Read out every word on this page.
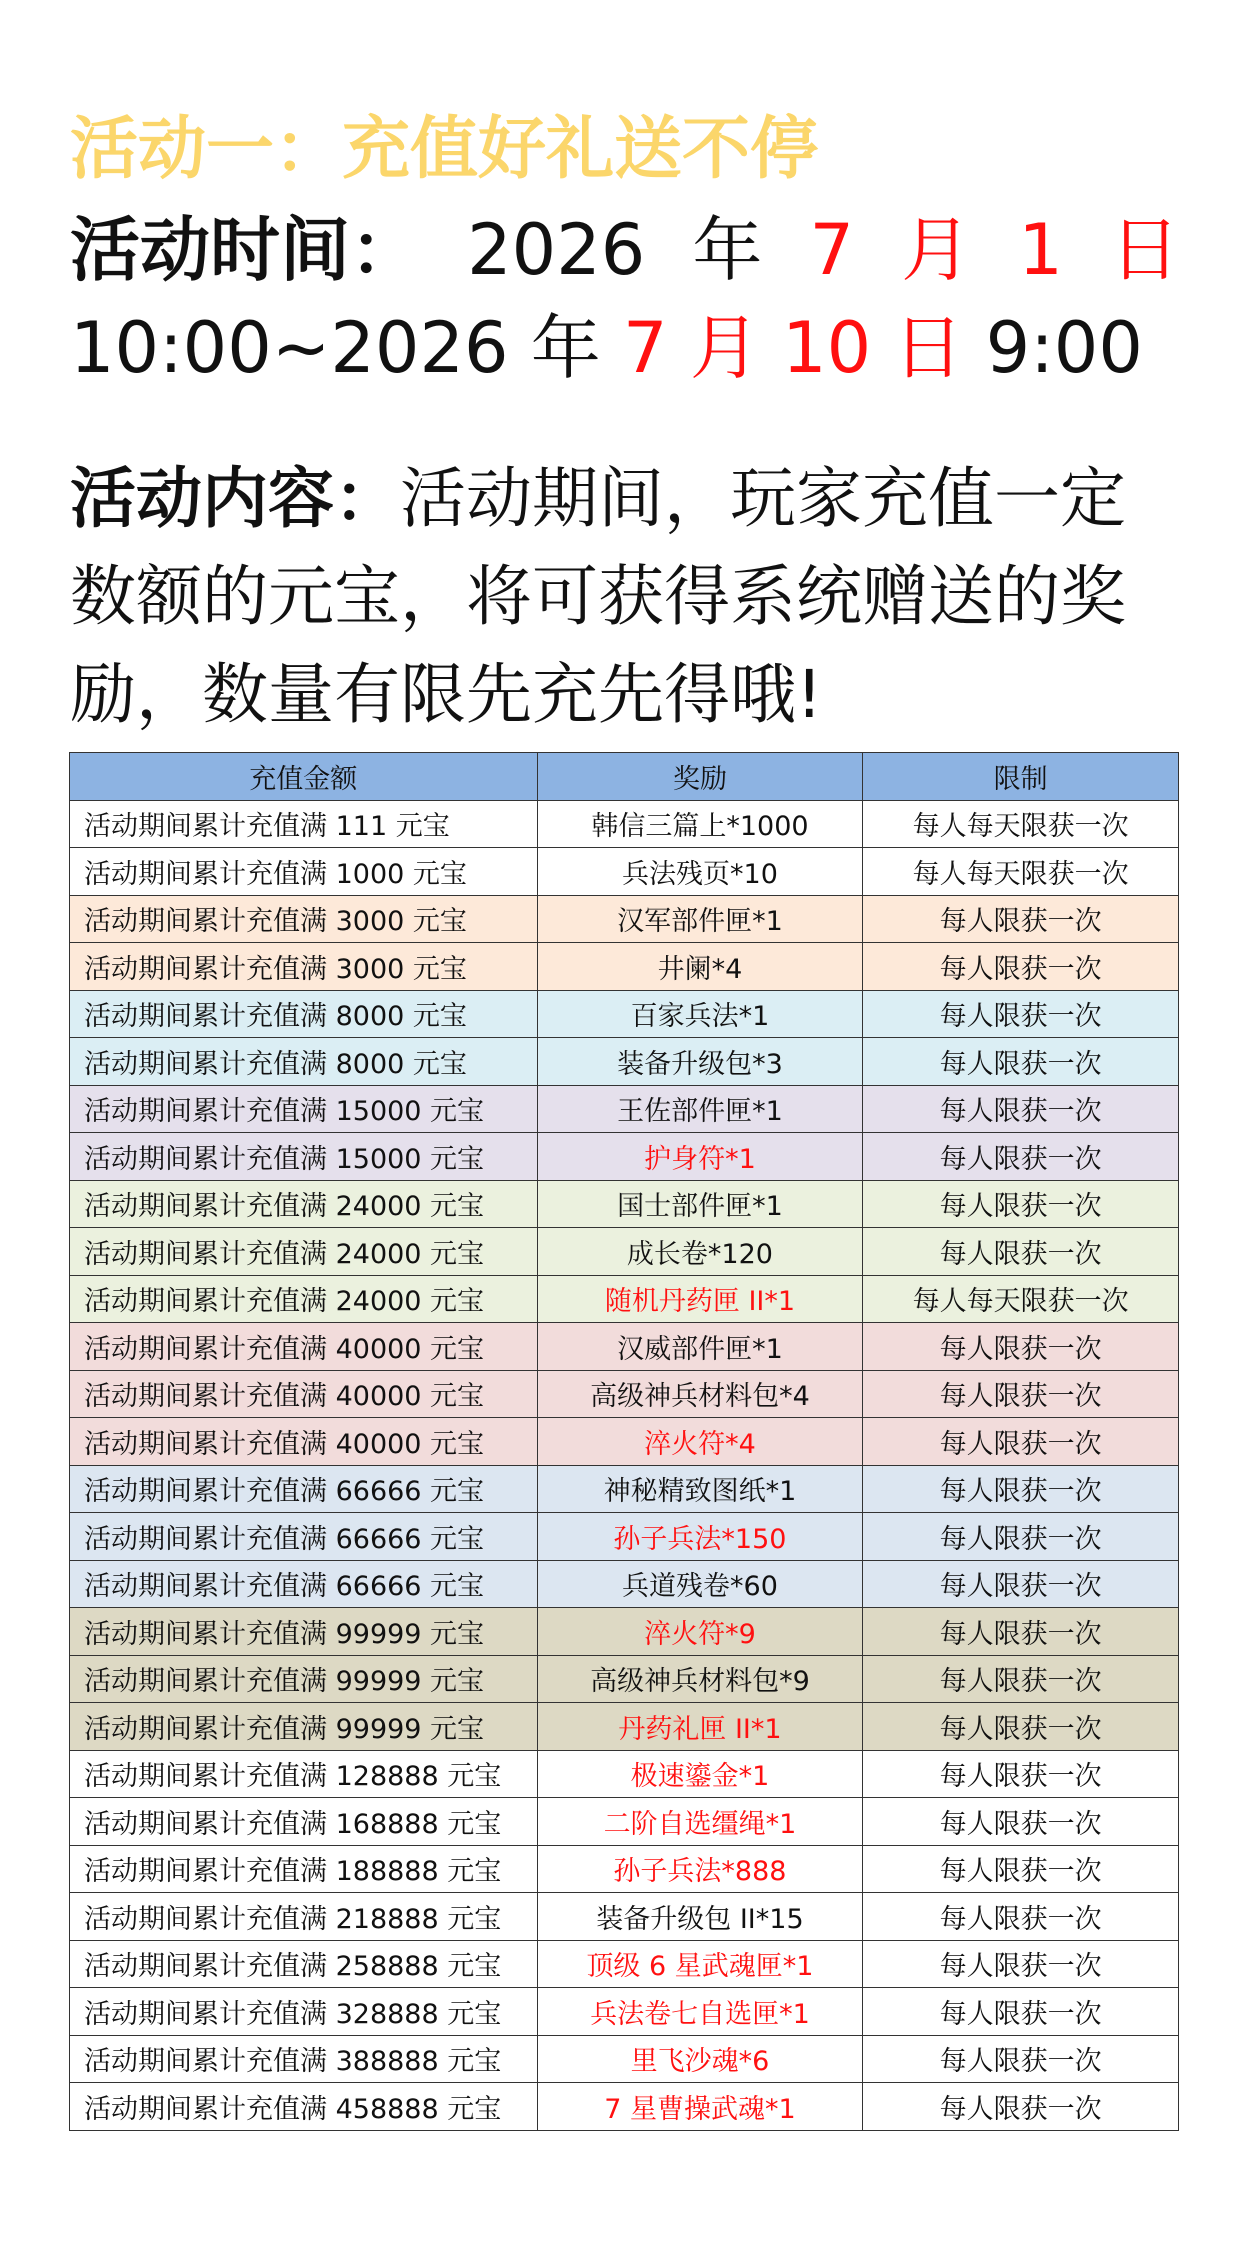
活动一：充值好礼送不停
活动时间： 2026 年 7 月 1 日
10:00~2026 年 7 月 10 日 9:00
活动内容：活动期间，玩家充值一定数额的元宝，将可获得系统赠送的奖励，数量有限先充先得哦!
充值金额	奖励	限制
活动期间累计充值满 111 元宝	韩信三篇上*1000	每人每天限获一次
活动期间累计充值满 1000 元宝	兵法残页*10	每人每天限获一次
活动期间累计充值满 3000 元宝	汉军部件匣*1	每人限获一次
活动期间累计充值满 3000 元宝	井阑*4	每人限获一次
活动期间累计充值满 8000 元宝	百家兵法*1	每人限获一次
活动期间累计充值满 8000 元宝	装备升级包*3	每人限获一次
活动期间累计充值满 15000 元宝	王佐部件匣*1	每人限获一次
活动期间累计充值满 15000 元宝	护身符*1	每人限获一次
活动期间累计充值满 24000 元宝	国士部件匣*1	每人限获一次
活动期间累计充值满 24000 元宝	成长卷*120	每人限获一次
活动期间累计充值满 24000 元宝	随机丹药匣 II*1	每人每天限获一次
活动期间累计充值满 40000 元宝	汉威部件匣*1	每人限获一次
活动期间累计充值满 40000 元宝	高级神兵材料包*4	每人限获一次
活动期间累计充值满 40000 元宝	淬火符*4	每人限获一次
活动期间累计充值满 66666 元宝	神秘精致图纸*1	每人限获一次
活动期间累计充值满 66666 元宝	孙子兵法*150	每人限获一次
活动期间累计充值满 66666 元宝	兵道残卷*60	每人限获一次
活动期间累计充值满 99999 元宝	淬火符*9	每人限获一次
活动期间累计充值满 99999 元宝	高级神兵材料包*9	每人限获一次
活动期间累计充值满 99999 元宝	丹药礼匣 II*1	每人限获一次
活动期间累计充值满 128888 元宝	极速鎏金*1	每人限获一次
活动期间累计充值满 168888 元宝	二阶自选缰绳*1	每人限获一次
活动期间累计充值满 188888 元宝	孙子兵法*888	每人限获一次
活动期间累计充值满 218888 元宝	装备升级包 II*15	每人限获一次
活动期间累计充值满 258888 元宝	顶级 6 星武魂匣*1	每人限获一次
活动期间累计充值满 328888 元宝	兵法卷七自选匣*1	每人限获一次
活动期间累计充值满 388888 元宝	里飞沙魂*6	每人限获一次
活动期间累计充值满 458888 元宝	7 星曹操武魂*1	每人限获一次
